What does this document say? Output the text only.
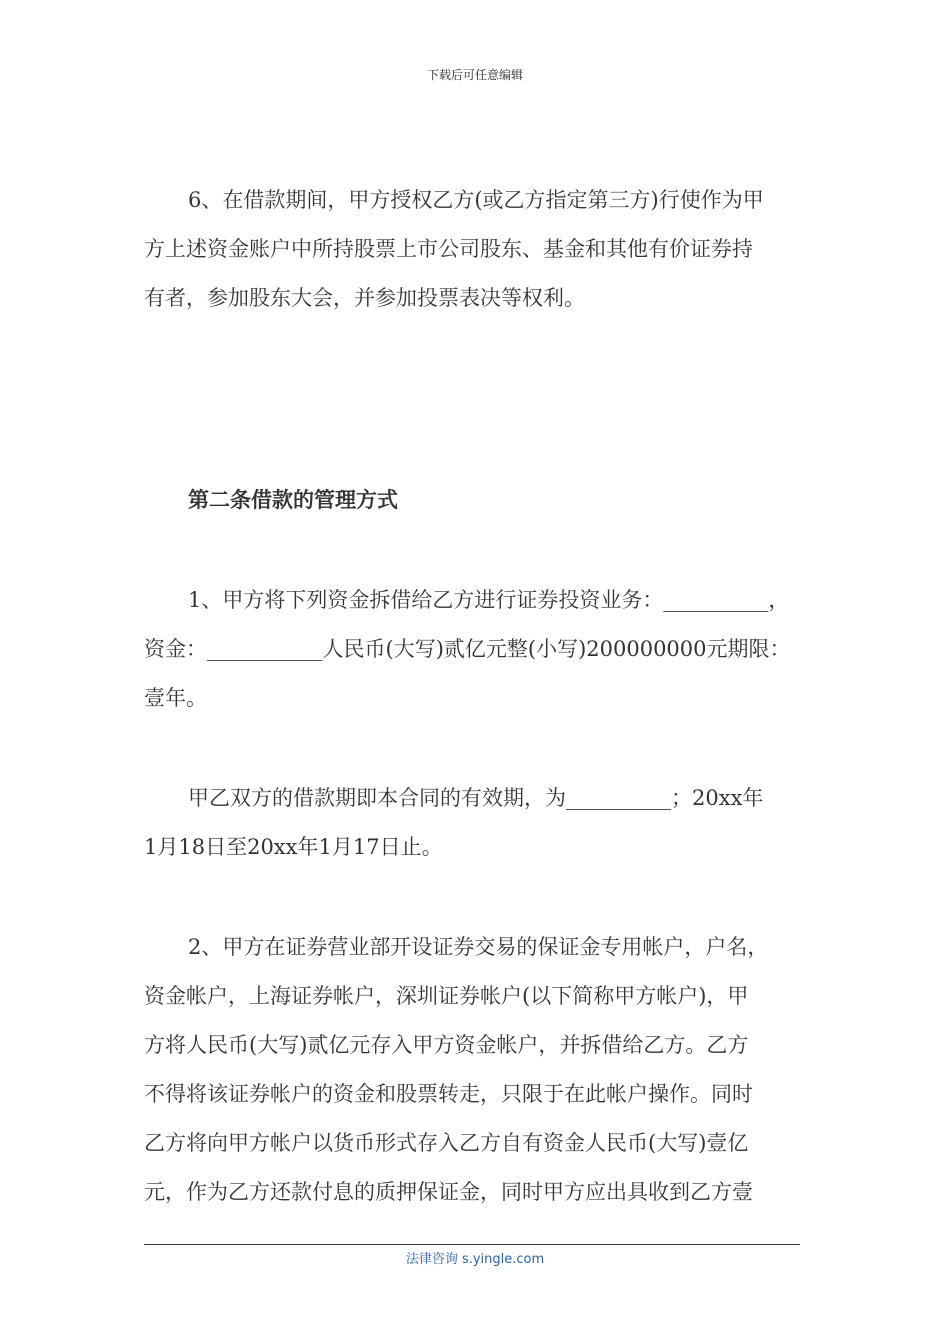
下载后可任意编辑
6、在借款期间，甲方授权乙方(或乙方指定第三方)行使作为甲
方上述资金账户中所持股票上市公司股东、基金和其他有价证券持
有者，参加股东大会，并参加投票表决等权利。
第二条借款的管理方式
1、甲方将下列资金拆借给乙方进行证券投资业务：__________，
资金：___________人民币(大写)贰亿元整(小写)200000000元期限：
壹年。
甲乙双方的借款期即本合同的有效期，为__________；20xx年
1月18日至20xx年1月17日止。
2、甲方在证券营业部开设证券交易的保证金专用帐户，户名，
资金帐户，上海证券帐户，深圳证券帐户(以下简称甲方帐户)，甲
方将人民币(大写)贰亿元存入甲方资金帐户，并拆借给乙方。乙方
不得将该证券帐户的资金和股票转走，只限于在此帐户操作。同时
乙方将向甲方帐户以货币形式存入乙方自有资金人民币(大写)壹亿
元，作为乙方还款付息的质押保证金，同时甲方应出具收到乙方壹
法律咨询 s.yingle.com
